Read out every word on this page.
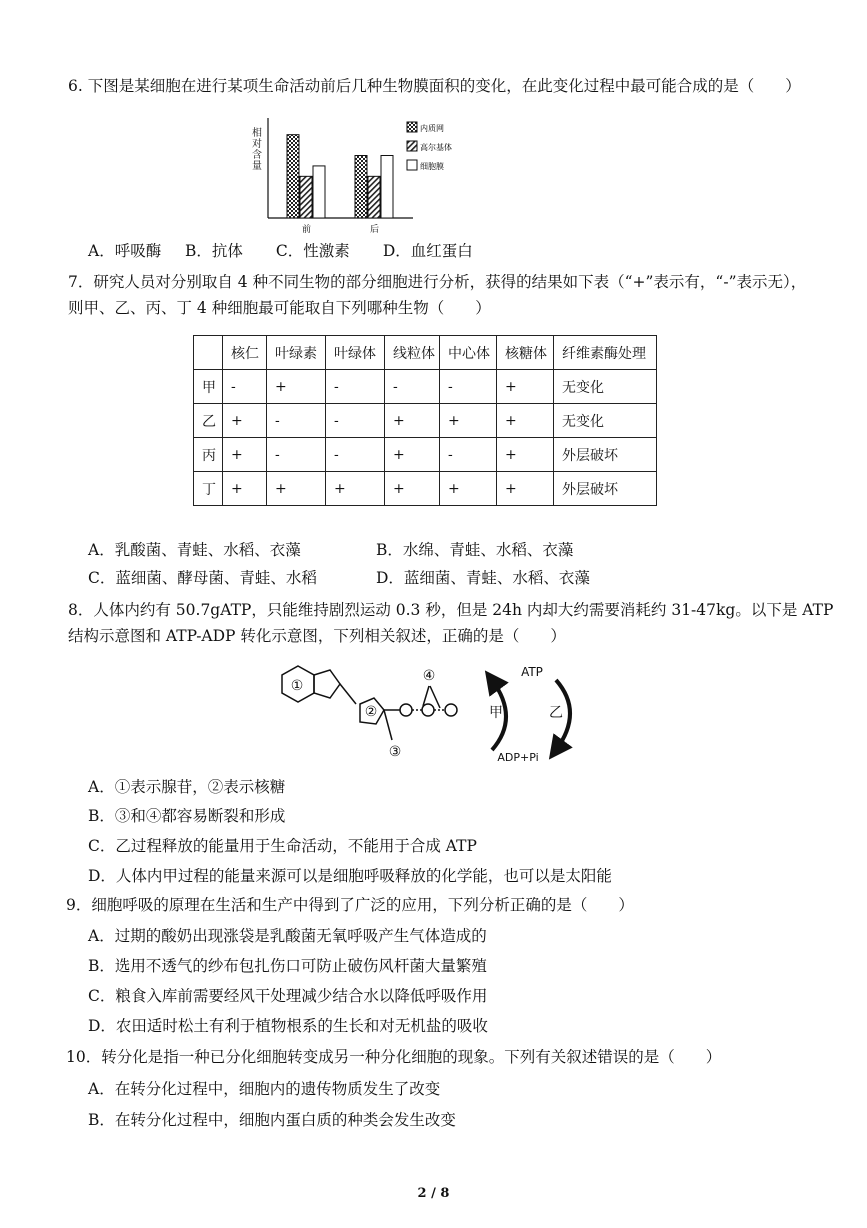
6. 下图是某细胞在进行某项生命活动前后几种生物膜面积的变化，在此变化过程中最可能合成的是（　　）
相
对
含
量
前	后
内质网
高尔基体
细胞膜
A．呼吸酶 B．抗体 C．性激素 D．血红蛋白
7．研究人员对分别取自 4 种不同生物的部分细胞进行分析，获得的结果如下表（“+”表示有，“-”表示无），
则甲、乙、丙、丁 4 种细胞最可能取自下列哪种生物（　　）
	核仁	叶绿素	叶绿体	线粒体	中心体	核糖体	纤维素酶处理
甲	-	+	-	-	-	+	无变化
乙	+	-	-	+	+	+	无变化
丙	+	-	-	+	-	+	外层破坏
丁	+	+	+	+	+	+	外层破坏
A．乳酸菌、青蛙、水稻、衣藻	B．水绵、青蛙、水稻、衣藻
C．蓝细菌、酵母菌、青蛙、水稻	D．蓝细菌、青蛙、水稻、衣藻
8．人体内约有 50.7gATP，只能维持剧烈运动 0.3 秒，但是 24h 内却大约需要消耗约 31-47kg。以下是 ATP
结构示意图和 ATP-ADP 转化示意图，下列相关叙述，正确的是（　　）
①
②
③
④	ATP
ADP+Pi
甲	乙
A．①表示腺苷，②表示核糖
B．③和④都容易断裂和形成
C．乙过程释放的能量用于生命活动，不能用于合成 ATP
D．人体内甲过程的能量来源可以是细胞呼吸释放的化学能，也可以是太阳能
9．细胞呼吸的原理在生活和生产中得到了广泛的应用，下列分析正确的是（　　）
A．过期的酸奶出现涨袋是乳酸菌无氧呼吸产生气体造成的
B．选用不透气的纱布包扎伤口可防止破伤风杆菌大量繁殖
C．粮食入库前需要经风干处理减少结合水以降低呼吸作用
D．农田适时松土有利于植物根系的生长和对无机盐的吸收
10．转分化是指一种已分化细胞转变成另一种分化细胞的现象。下列有关叙述错误的是（　　）
A．在转分化过程中，细胞内的遗传物质发生了改变
B．在转分化过程中，细胞内蛋白质的种类会发生改变
2 / 8
